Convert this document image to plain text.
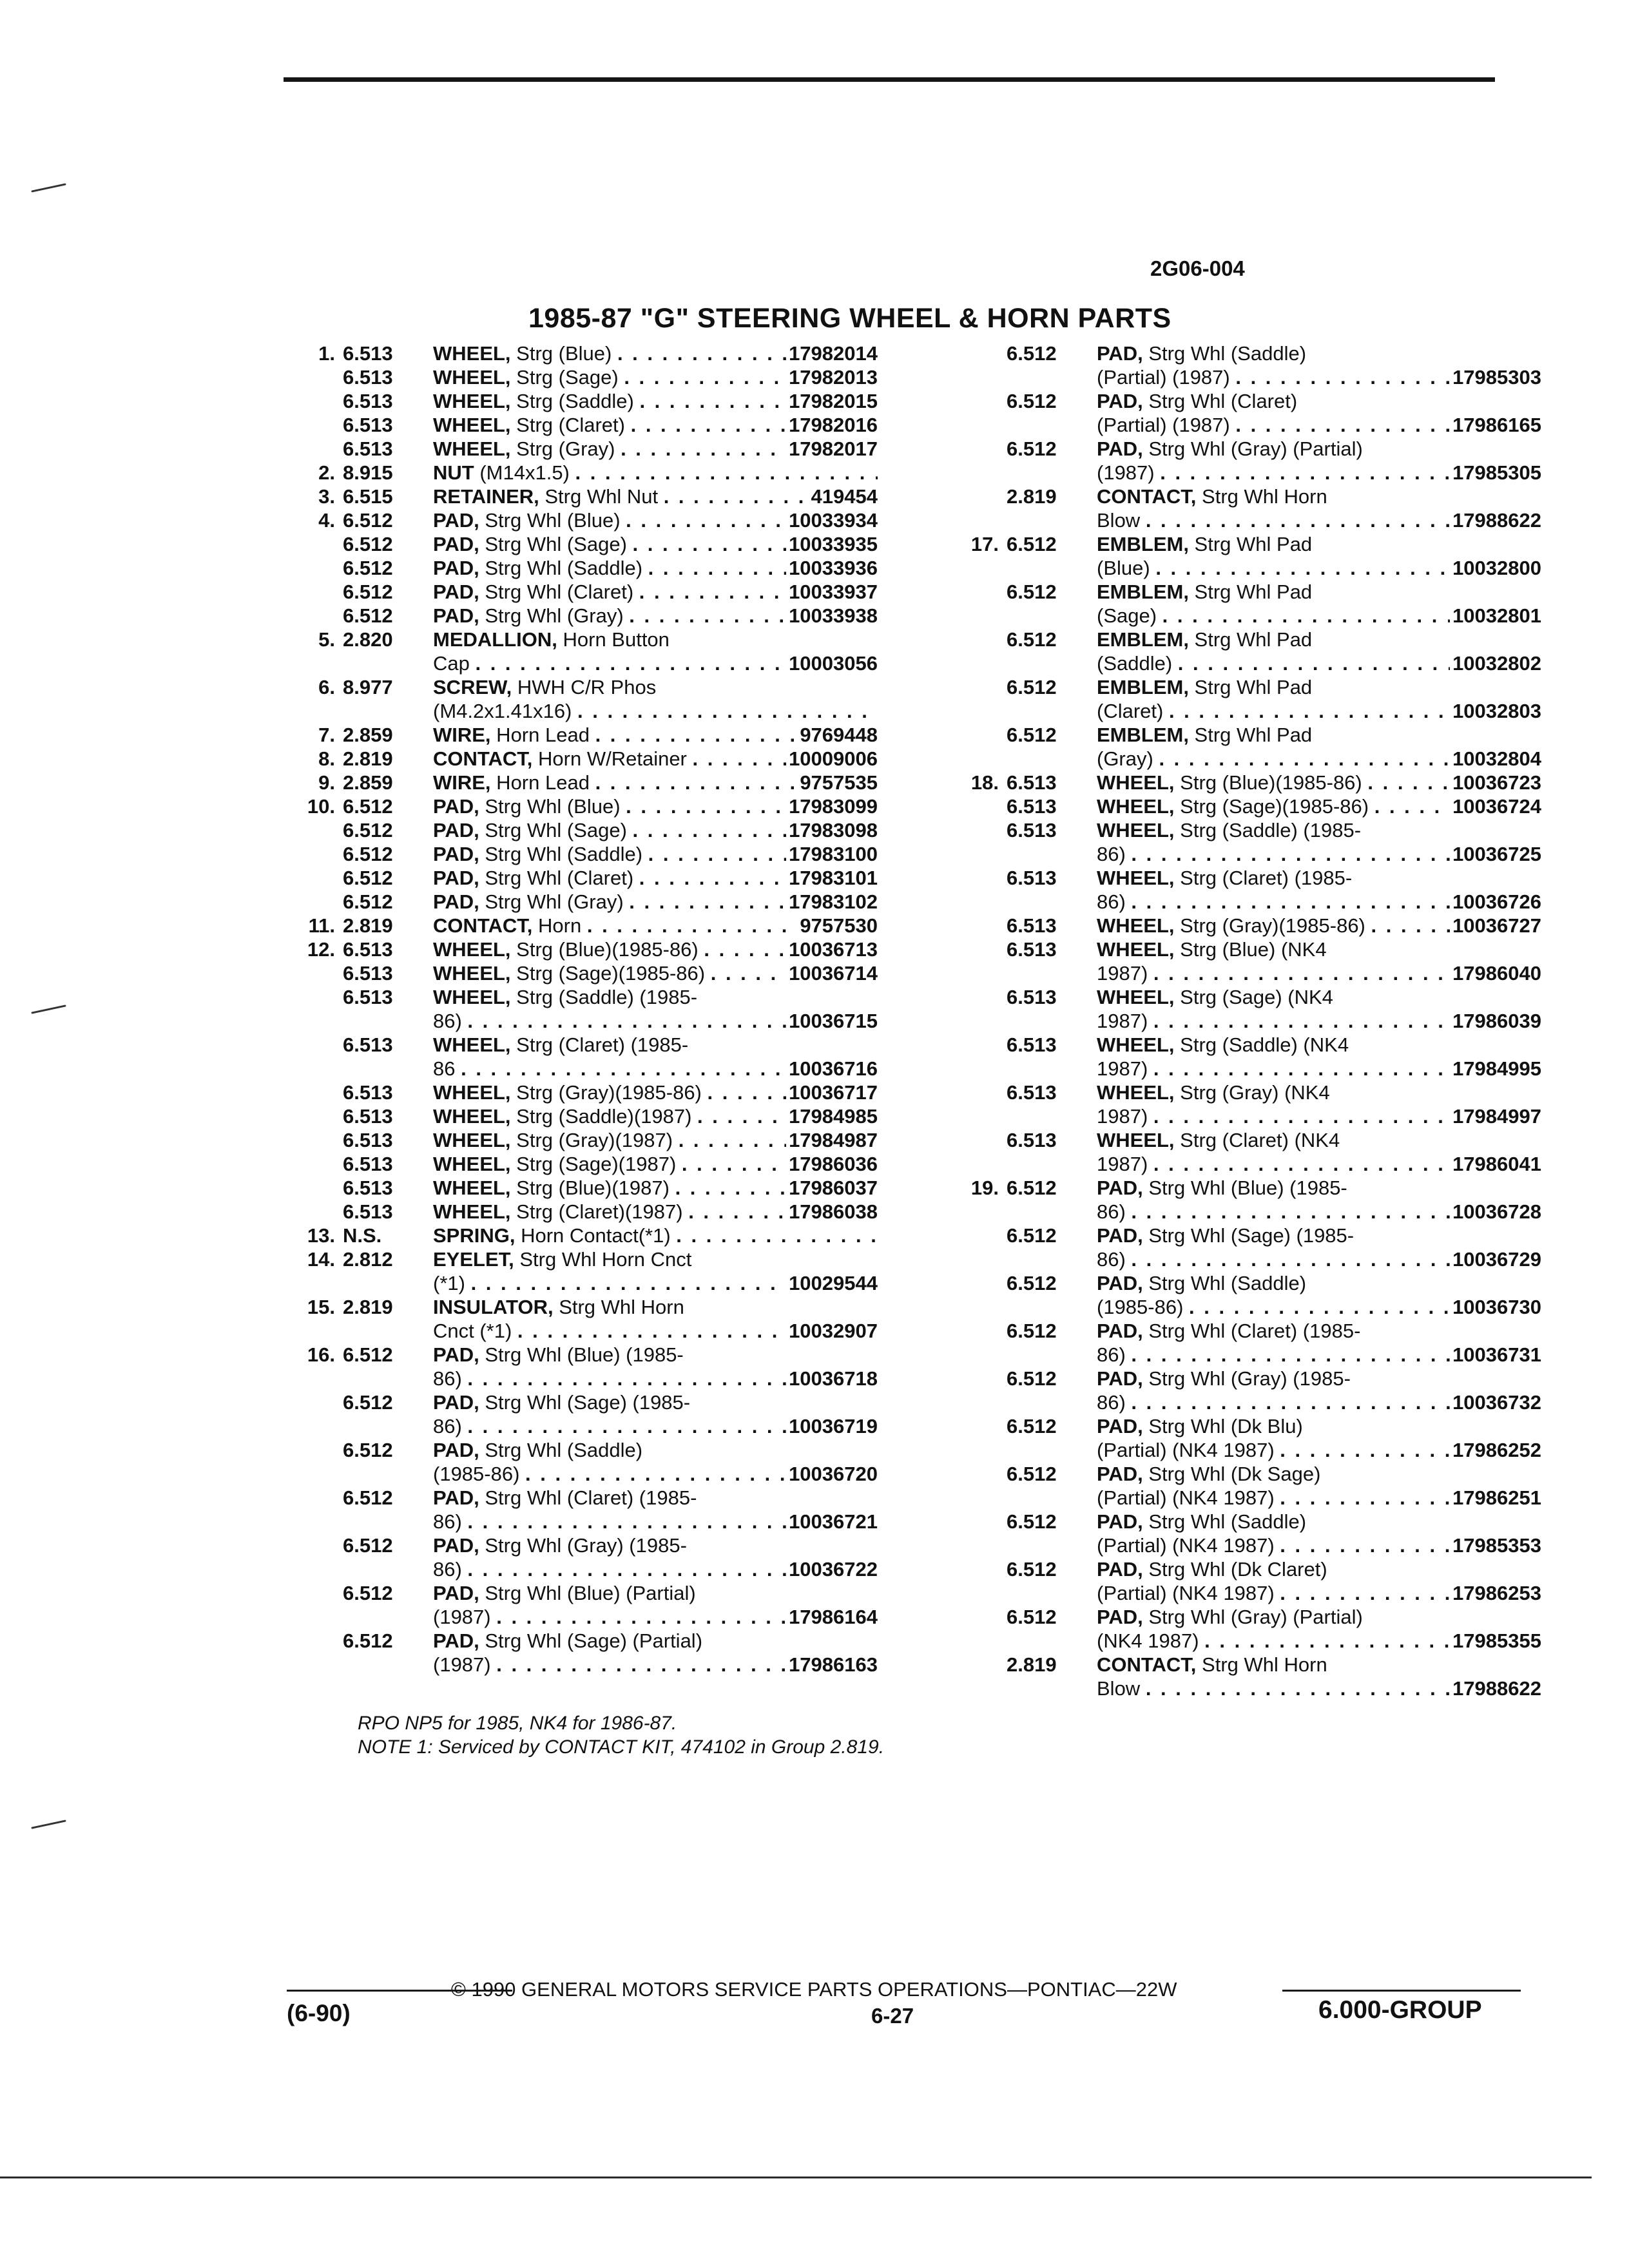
2G06-004
1985-87 "G" STEERING WHEEL & HORN PARTS
1. 6.513	WHEEL, Strg (Blue) . . .	17982014
6.513	WHEEL, Strg (Sage) . . .	17982013
6.513	WHEEL, Strg (Saddle) . . .	17982015
6.513	WHEEL, Strg (Claret) . . .	17982016
6.513	WHEEL, Strg (Gray) . . .	17982017
2. 8.915	NUT (M14x1.5)
. . .
3. 6.515	RETAINER, Strg Whl Nut . . .	419454
4. 6.512	PAD, Strg Whl (Blue) . . .	10033934
6.512	PAD, Strg Whl (Sage) . . .	10033935
6.512	PAD, Strg Whl (Saddle) . . .	10033936
6.512	PAD, Strg Whl (Claret) . . .	10033937
6.512	PAD, Strg Whl (Gray) . . .	10033938
5. 2.820	MEDALLION, Horn Button
Cap . . .	10003056
6. 8.977	SCREW, HWH C/R Phos
(M4.2x1.41x16)
. . .
7. 2.859	WIRE, Horn Lead . . .	9769448
8. 2.819	CONTACT, Horn W/Retainer . . .	10009006
9. 2.859	WIRE, Horn Lead . . .	9757535
10. 6.512	PAD, Strg Whl (Blue) . . .	17983099
6.512	PAD, Strg Whl (Sage) . . .	17983098
6.512	PAD, Strg Whl (Saddle) . . .	17983100
6.512	PAD, Strg Whl (Claret) . . .	17983101
6.512	PAD, Strg Whl (Gray) . . .	17983102
11. 2.819	CONTACT, Horn . . .	9757530
12. 6.513	WHEEL, Strg (Blue)(1985-86) . . .	10036713
6.513	WHEEL, Strg (Sage)(1985-86) . . .	10036714
6.513	WHEEL, Strg (Saddle) (1985-
86) . . .	10036715
6.513	WHEEL, Strg (Claret) (1985-
86 . . .	10036716
6.513	WHEEL, Strg (Gray)(1985-86) . . .	10036717
6.513	WHEEL, Strg (Saddle)(1987) . . .	17984985
6.513	WHEEL, Strg (Gray)(1987) . . .	17984987
6.513	WHEEL, Strg (Sage)(1987) . . .	17986036
6.513	WHEEL, Strg (Blue)(1987) . . .	17986037
6.513	WHEEL, Strg (Claret)(1987) . . .	17986038
13. N.S.	SPRING, Horn Contact(*1)
. . .
14. 2.812	EYELET, Strg Whl Horn Cnct
(*1) . . .	10029544
15. 2.819	INSULATOR, Strg Whl Horn
Cnct (*1) . . .	10032907
16. 6.512	PAD, Strg Whl (Blue) (1985-
86) . . .	10036718
6.512	PAD, Strg Whl (Sage) (1985-
86) . . .	10036719
6.512	PAD, Strg Whl (Saddle)
(1985-86) . . .	10036720
6.512	PAD, Strg Whl (Claret) (1985-
86) . . .	10036721
6.512	PAD, Strg Whl (Gray) (1985-
86) . . .	10036722
6.512	PAD, Strg Whl (Blue) (Partial)
(1987) . . .	17986164
6.512	PAD, Strg Whl (Sage) (Partial)
(1987) . . .	17986163
6.512	PAD, Strg Whl (Saddle)
(Partial) (1987) . . .	17985303
6.512	PAD, Strg Whl (Claret)
(Partial) (1987) . . .	17986165
6.512	PAD, Strg Whl (Gray) (Partial)
(1987) . . .	17985305
2.819	CONTACT, Strg Whl Horn
Blow . . .	17988622
17. 6.512	EMBLEM, Strg Whl Pad
(Blue) . . .	10032800
6.512	EMBLEM, Strg Whl Pad
(Sage) . . .	10032801
6.512	EMBLEM, Strg Whl Pad
(Saddle) . . .	10032802
6.512	EMBLEM, Strg Whl Pad
(Claret) . . .	10032803
6.512	EMBLEM, Strg Whl Pad
(Gray) . . .	10032804
18. 6.513	WHEEL, Strg (Blue)(1985-86) . . .	10036723
6.513	WHEEL, Strg (Sage)(1985-86) . . .	10036724
6.513	WHEEL, Strg (Saddle) (1985-
86) . . .	10036725
6.513	WHEEL, Strg (Claret) (1985-
86) . . .	10036726
6.513	WHEEL, Strg (Gray)(1985-86) . . .	10036727
6.513	WHEEL, Strg (Blue) (NK4
1987) . . .	17986040
6.513	WHEEL, Strg (Sage) (NK4
1987) . . .	17986039
6.513	WHEEL, Strg (Saddle) (NK4
1987) . . .	17984995
6.513	WHEEL, Strg (Gray) (NK4
1987) . . .	17984997
6.513	WHEEL, Strg (Claret) (NK4
1987) . . .	17986041
19. 6.512	PAD, Strg Whl (Blue) (1985-
86) . . .	10036728
6.512	PAD, Strg Whl (Sage) (1985-
86) . . .	10036729
6.512	PAD, Strg Whl (Saddle)
(1985-86) . . .	10036730
6.512	PAD, Strg Whl (Claret) (1985-
86) . . .	10036731
6.512	PAD, Strg Whl (Gray) (1985-
86) . . .	10036732
6.512	PAD, Strg Whl (Dk Blu)
(Partial) (NK4 1987) . . .	17986252
6.512	PAD, Strg Whl (Dk Sage)
(Partial) (NK4 1987) . . .	17986251
6.512	PAD, Strg Whl (Saddle)
(Partial) (NK4 1987) . . .	17985353
6.512	PAD, Strg Whl (Dk Claret)
(Partial) (NK4 1987) . . .	17986253
6.512	PAD, Strg Whl (Gray) (Partial)
(NK4 1987) . . .	17985355
2.819	CONTACT, Strg Whl Horn
Blow . . .	17988622
RPO NP5 for 1985, NK4 for 1986-87.
NOTE 1: Serviced by CONTACT KIT, 474102 in Group 2.819.
© 1990 GENERAL MOTORS SERVICE PARTS OPERATIONS—PONTIAC—22W
(6-90)	6-27	6.000-GROUP
